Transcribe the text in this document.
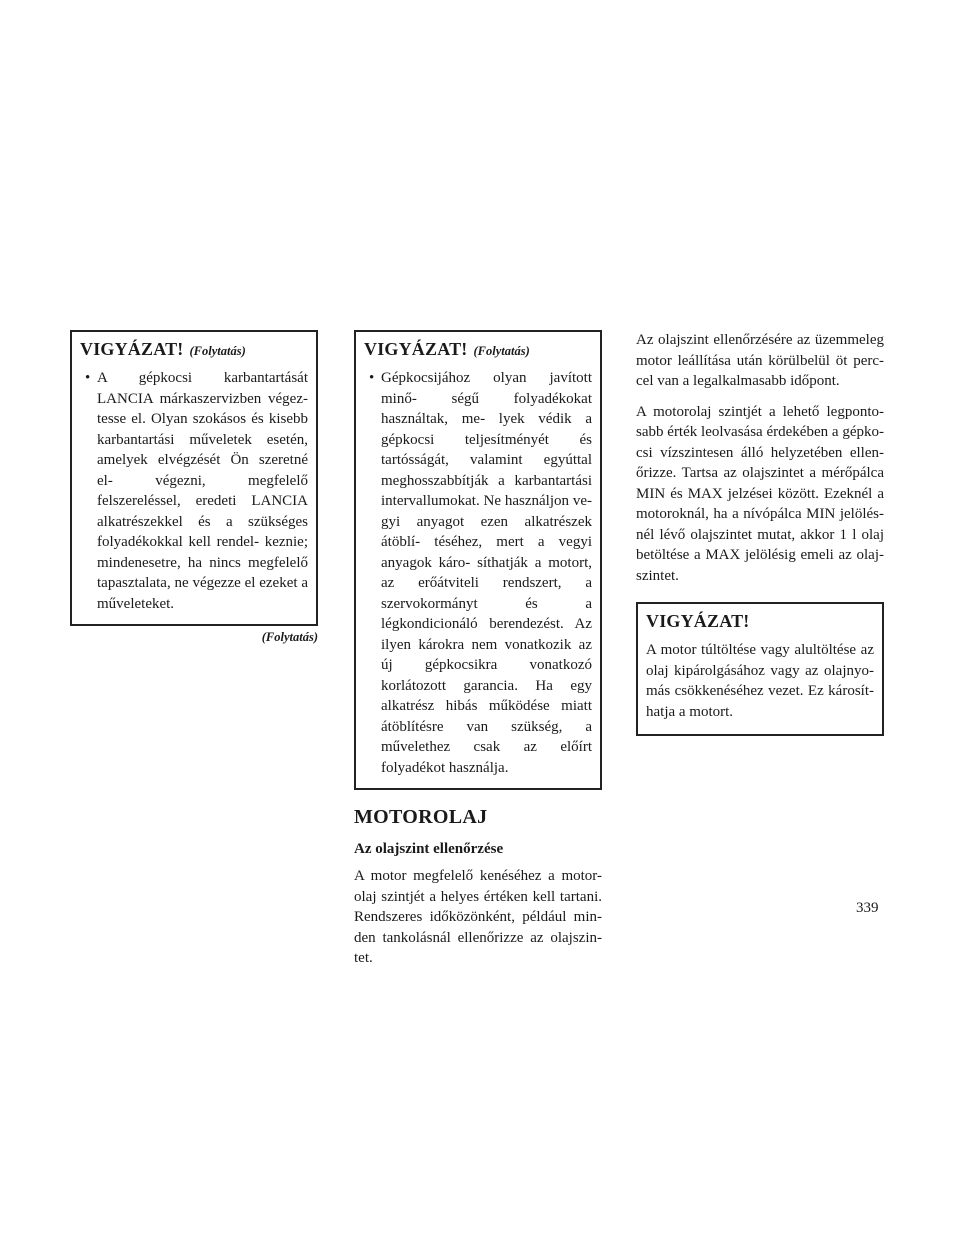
VIGYÁZAT! (Folytatás)

• A gépkocsi karbantartását LANCIA márkaszervizben végez- tesse el. Olyan szokásos és kisebb karbantartási műveletek esetén, amelyek elvégzését Ön szeretné el- végezni, megfelelő felszereléssel, eredeti LANCIA alkatrészekkel és a szükséges folyadékokkal kell rendel- keznie; mindenesetre, ha nincs megfelelő tapasztalata, ne végezze el ezeket a műveleteket.

(Folytatás)
VIGYÁZAT! (Folytatás)

• Gépkocsijához olyan javított minő- ségű folyadékokat használtak, me- lyek védik a gépkocsi teljesítményét és tartósságát, valamint egyúttal meghosszabbítják a karbantartási intervallumokat. Ne használjon ve- gyi anyagot ezen alkatrészek átöblí- téséhez, mert a vegyi anyagok káro- síthatják a motort, az erőátviteli rendszert, a szervokormányt és a légkondicionáló berendezést. Az ilyen károkra nem vonatkozik az új gépkocsikra vonatkozó korlátozott garancia. Ha egy alkatrész hibás működése miatt átöblítésre van szükség, a művelethez csak az előírt folyadékot használja.

MOTOROLAJ
Az olajszint ellenőrzése

A motor megfelelő kenéséhez a motor- olaj szintjét a helyes értéken kell tartani. Rendszeres időközönként, például min- den tankolásnál ellenőrizze az olajszin- tet.

Az olajszint ellenőrzésére az üzemmeleg motor leállítása után körülbelül öt perc- cel van a legalkalmasabb időpont.

A motorolaj szintjét a lehető legponto- sabb érték leolvasása érdekében a gépko- csi vízszintesen álló helyzetében ellen- őrizze. Tartsa az olajszintet a mérőpálca MIN és MAX jelzései között. Ezeknél a motoroknál, ha a nívópálca MIN jelölés- nél lévő olajszintet mutat, akkor 1 l olaj betöltése a MAX jelölésig emeli az olaj- szintet.

VIGYÁZAT!

A motor túltöltése vagy alultöltése az olaj kipárolgásához vagy az olajnyo- más csökkenéséhez vezet. Ez károsít- hatja a motort.

339
